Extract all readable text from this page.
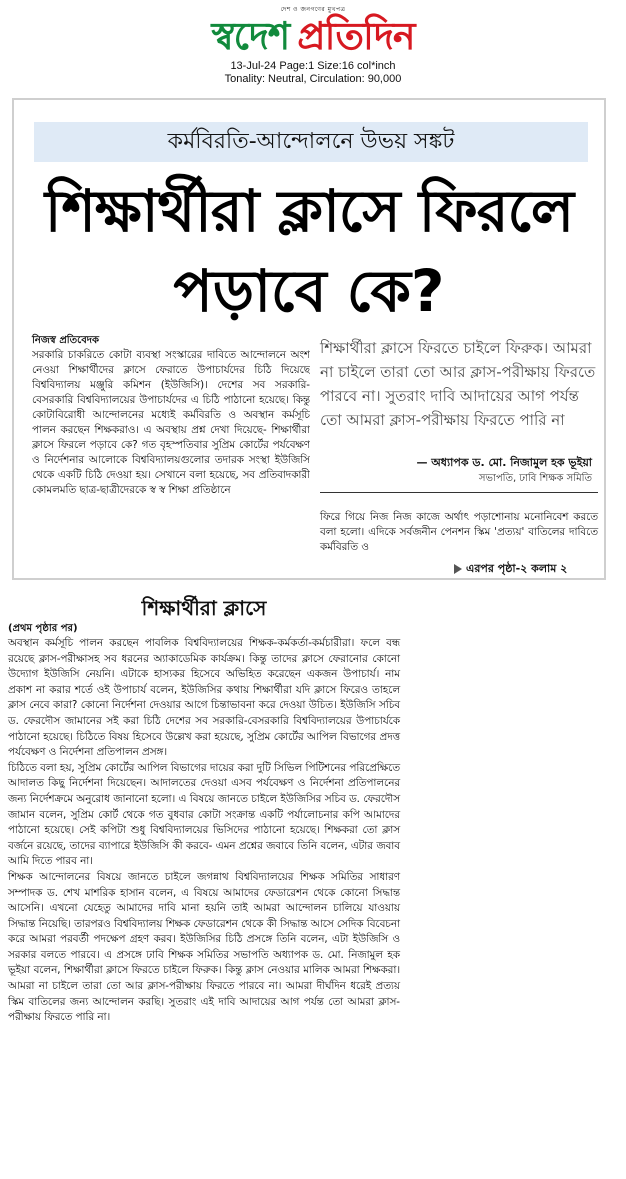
দেশ ও জনগণের মুখপত্র
স্বদেশ প্রতিদিন
13-Jul-24 Page:1 Size:16 col*inch
Tonality: Neutral, Circulation: 90,000
কর্মবিরতি-আন্দোলনে উভয় সঙ্কট
শিক্ষার্থীরা ক্লাসে ফিরলে
পড়াবে কে?
নিজস্ব প্রতিবেদক
সরকারি চাকরিতে কোটা ব্যবস্থা সংস্কারের দাবিতে আন্দোলনে অংশ নেওয়া শিক্ষার্থীদের ক্লাসে ফেরাতে উপাচার্যদের চিঠি দিয়েছে বিশ্ববিদ্যালয় মঞ্জুরি কমিশন (ইউজিসি)। দেশের সব সরকারি-বেসরকারি বিশ্ববিদ্যালয়ের উপাচার্যদের এ চিঠি পাঠানো হয়েছে। কিন্তু কোটাবিরোধী আন্দোলনের মধ্যেই কর্মবিরতি ও অবস্থান কর্মসূচি পালন করছেন শিক্ষকরাও। এ অবস্থায় প্রশ্ন দেখা দিয়েছে- শিক্ষার্থীরা ক্লাসে ফিরলে পড়াবে কে? গত বৃহস্পতিবার সুপ্রিম কোর্টের পর্যবেক্ষণ ও নির্দেশনার আলোকে বিশ্ববিদ্যালয়গুলোর তদারক সংস্থা ইউজিসি থেকে একটি চিঠি দেওয়া হয়। সেখানে বলা হয়েছে, সব প্রতিবাদকারী কোমলমতি ছাত্র-ছাত্রীদেরকে স্ব স্ব শিক্ষা প্রতিষ্ঠানে
শিক্ষার্থীরা ক্লাসে ফিরতে চাইলে ফিরুক। আমরা না চাইলে তারা তো আর ক্লাস-পরীক্ষায় ফিরতে পারবে না। সুতরাং দাবি আদায়ের আগ পর্যন্ত তো আমরা ক্লাস-পরীক্ষায় ফিরতে পারি না
— অধ্যাপক ড. মো. নিজামুল হক ভূইয়া
সভাপতি, ঢাবি শিক্ষক সমিতি
ফিরে গিয়ে নিজ নিজ কাজে অর্থাৎ পড়াশোনায় মনোনিবেশ করতে বলা হলো। এদিকে সর্বজনীন পেনশন স্কিম 'প্রত্যয়' বাতিলের দাবিতে কর্মবিরতি ও
এরপর পৃষ্ঠা-২ কলাম ২
শিক্ষার্থীরা ক্লাসে
(প্রথম পৃষ্ঠার পর)

অবস্থান কর্মসূচি পালন করছেন পাবলিক বিশ্ববিদ্যালয়ের শিক্ষক-কর্মকর্তা-কর্মচারীরা। ফলে বন্ধ রয়েছে ক্লাস-পরীক্ষাসহ সব ধরনের অ্যাকাডেমিক কার্যক্রম। কিন্তু তাদের ক্লাসে ফেরানোর কোনো উদ্যোগ ইউজিসি নেয়নি। এটাকে হাস্যকর হিসেবে অভিহিত করেছেন একজন উপাচার্য। নাম প্রকাশ না করার শর্তে ওই উপাচার্য বলেন, ইউজিসির কথায় শিক্ষার্থীরা যদি ক্লাসে ফিরেও তাহলে ক্লাস নেবে কারা? কোনো নির্দেশনা দেওয়ার আগে চিন্তাভাবনা করে দেওয়া উচিত। ইউজিসি সচিব ড. ফেরদৌস জামানের সই করা চিঠি দেশের সব সরকারি-বেসরকারি বিশ্ববিদ্যালয়ের উপাচার্যকে পাঠানো হয়েছে। চিঠিতে বিষয় হিসেবে উল্লেখ করা হয়েছে, সুপ্রিম কোর্টের আপিল বিভাগের প্রদত্ত পর্যবেক্ষণ ও নির্দেশনা প্রতিপালন প্রসঙ্গ।

চিঠিতে বলা হয়, সুপ্রিম কোর্টের আপিল বিভাগের দায়ের করা দুটি সিভিল পিটিশনের পরিপ্রেক্ষিতে আদালত কিছু নির্দেশনা দিয়েছেন। আদালতের দেওয়া এসব পর্যবেক্ষণ ও নির্দেশনা প্রতিপালনের জন্য নির্দেশক্রমে অনুরোধ জানানো হলো। এ বিষয়ে জানতে চাইলে ইউজিসির সচিব ড. ফেরদৌস জামান বলেন, সুপ্রিম কোর্ট থেকে গত বুধবার কোটা সংক্রান্ত একটি পর্যালোচনার কপি আমাদের পাঠানো হয়েছে। সেই কপিটা শুধু বিশ্ববিদ্যালয়ের ভিসিদের পাঠানো হয়েছে। শিক্ষকরা তো ক্লাস বর্জনে রয়েছে, তাদের ব্যাপারে ইউজিসি কী করবে- এমন প্রশ্নের জবাবে তিনি বলেন, এটার জবাব আমি দিতে পারব না।

শিক্ষক আন্দোলনের বিষয়ে জানতে চাইলে জগন্নাথ বিশ্ববিদ্যালয়ের শিক্ষক সমিতির সাধারণ সম্পাদক ড. শেখ মাশরিক হাসান বলেন, এ বিষয়ে আমাদের ফেডারেশন থেকে কোনো সিদ্ধান্ত আসেনি। এখনো যেহেতু আমাদের দাবি মানা হয়নি তাই আমরা আন্দোলন চালিয়ে যাওয়ায় সিদ্ধান্ত নিয়েছি। তারপরও বিশ্ববিদ্যালয় শিক্ষক ফেডারেশন থেকে কী সিদ্ধান্ত আসে সেদিক বিবেচনা করে আমরা পরবর্তী পদক্ষেপ গ্রহণ করব। ইউজিসির চিঠি প্রসঙ্গে তিনি বলেন, এটা ইউজিসি ও সরকার বলতে পারবে। এ প্রসঙ্গে ঢাবি শিক্ষক সমিতির সভাপতি অধ্যাপক ড. মো. নিজামুল হক ভূইয়া বলেন, শিক্ষার্থীরা ক্লাসে ফিরতে চাইলে ফিরুক। কিন্তু ক্লাস নেওয়ার মালিক আমরা শিক্ষকরা। আমরা না চাইলে তারা তো আর ক্লাস-পরীক্ষায় ফিরতে পারবে না। আমরা দীর্ঘদিন ধরেই প্রত্যয় স্কিম বাতিলের জন্য আন্দোলন করছি। সুতরাং এই দাবি আদায়ের আগ পর্যন্ত তো আমরা ক্লাস-পরীক্ষায় ফিরতে পারি না।
